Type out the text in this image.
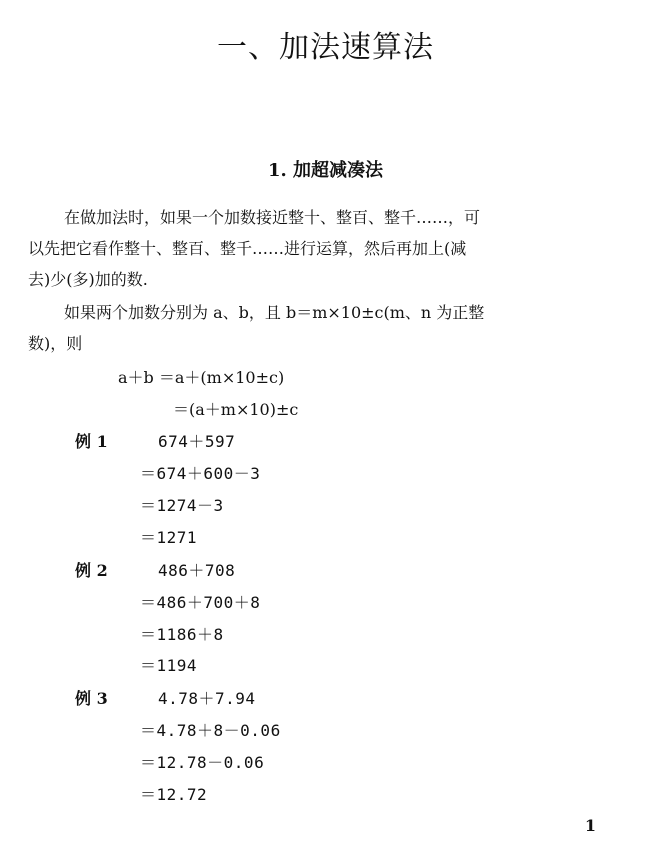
一、加法速算法
1. 加超减凑法
在做加法时，如果一个加数接近整十、整百、整千……，可
以先把它看作整十、整百、整千……进行运算，然后再加上(减
去)少(多)加的数.
如果两个加数分别为 a、b，且 b＝m×10±c(m、n 为正整
数)，则
a＋b ＝a＋(m×10±c)
＝(a＋m×10)±c
例 1	674＋597
＝674＋600－3
＝1274－3
＝1271
例 2	486＋708
＝486＋700＋8
＝1186＋8
＝1194
例 3	4.78＋7.94
＝4.78＋8－0.06
＝12.78－0.06
＝12.72
1
